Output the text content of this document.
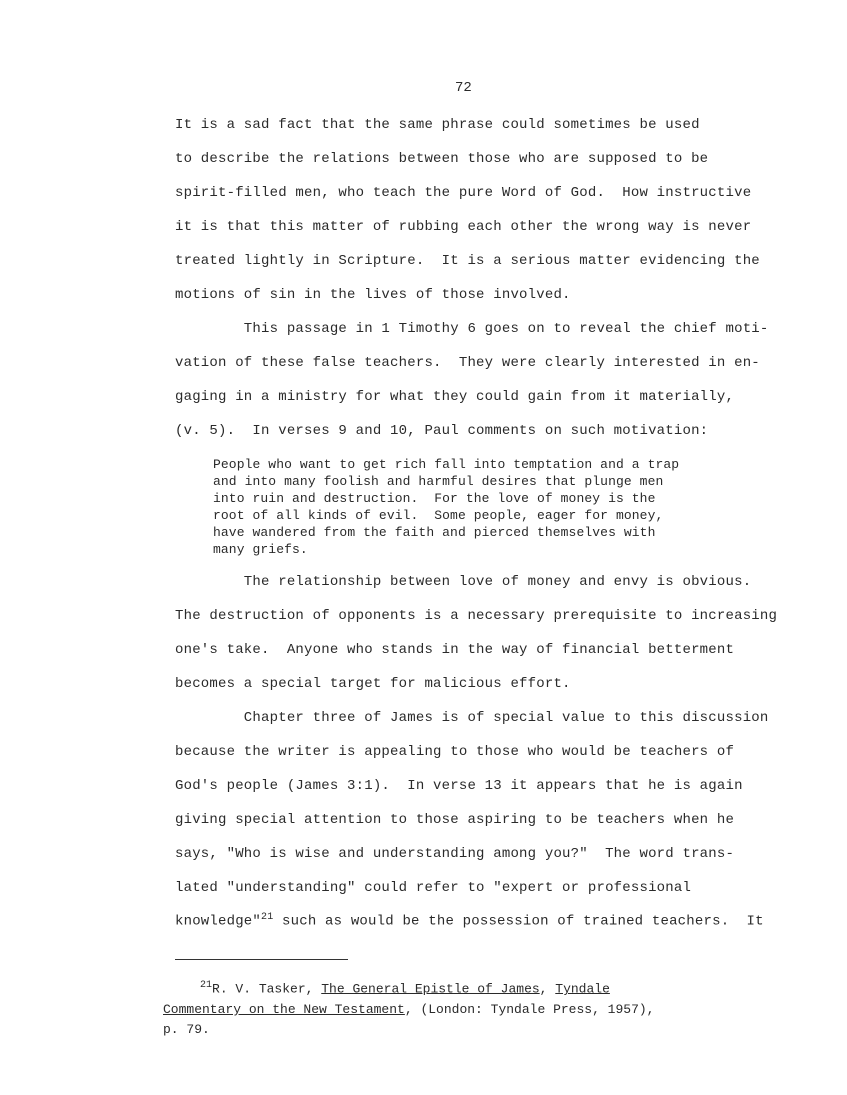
72
It is a sad fact that the same phrase could sometimes be used
to describe the relations between those who are supposed to be
spirit-filled men, who teach the pure Word of God.  How instructive
it is that this matter of rubbing each other the wrong way is never
treated lightly in Scripture.  It is a serious matter evidencing the
motions of sin in the lives of those involved.
This passage in 1 Timothy 6 goes on to reveal the chief moti-
vation of these false teachers.  They were clearly interested in en-
gaging in a ministry for what they could gain from it materially,
(v. 5).  In verses 9 and 10, Paul comments on such motivation:
People who want to get rich fall into temptation and a trap
and into many foolish and harmful desires that plunge men
into ruin and destruction.  For the love of money is the
root of all kinds of evil.  Some people, eager for money,
have wandered from the faith and pierced themselves with
many griefs.
The relationship between love of money and envy is obvious.
The destruction of opponents is a necessary prerequisite to increasing
one's take.  Anyone who stands in the way of financial betterment
becomes a special target for malicious effort.
Chapter three of James is of special value to this discussion
because the writer is appealing to those who would be teachers of
God's people (James 3:1).  In verse 13 it appears that he is again
giving special attention to those aspiring to be teachers when he
says, "Who is wise and understanding among you?"  The word trans-
lated "understanding" could refer to "expert or professional
knowledge"$^{21}$ such as would be the possession of trained teachers.  It
$^{21}$R. V. Tasker, The General Epistle of James, Tyndale
Commentary on the New Testament, (London: Tyndale Press, 1957),
p. 79.
